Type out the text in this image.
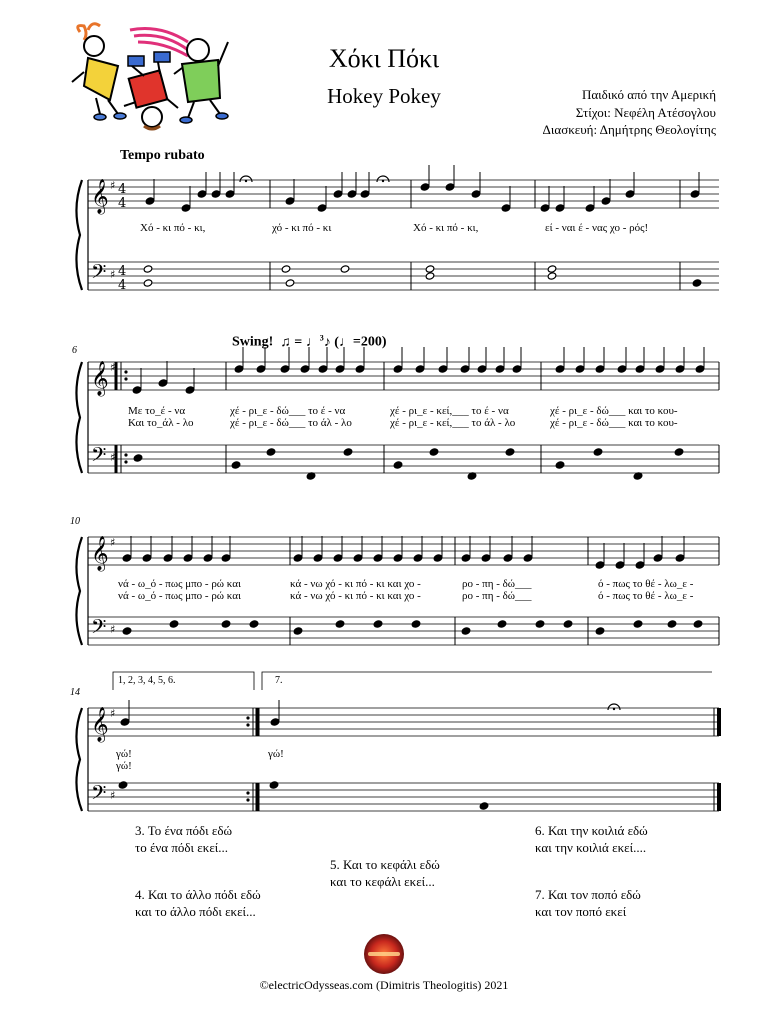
Χόκι Πόκι
Hokey Pokey	Παιδικό από την Αμερική
Στίχοι: Νεφέλη Ατέσογλου
Διασκευή: Δημήτρης Θεολογίτης
𝄞
𝄢
♯
♯
4
4
4
4
𝄞
𝄢
♯
♯
𝄞
𝄢
♯
♯
𝄞
𝄢
♯
♯
Tempo rubato
Swing!  ♫ = ♩$^3$♪ (♩=200)
6
10
14
Χό - κι πό - κι,	χό - κι πό - κι	Χό - κι πό - κι,	εί - ναι έ - νας χο - ρός!
Με το_έ - να	χέ - ρι_ε - δώ___ το έ - να	χέ - ρι_ε - κεί,___ το έ - να	χέ - ρι_ε - δώ___ και το κου-
Και το_άλ - λο	χέ - ρι_ε - δώ___ το άλ - λο	χέ - ρι_ε - κεί,___ το άλ - λο	χέ - ρι_ε - δώ___ και το κου-
νά - ω_ό - πως μπο - ρώ και	κά - νω χό - κι πό - κι και χο -	ρο - πη - δώ___	ό - πως το θέ - λω_ε -
νά - ω_ό - πως μπο - ρώ και	κά - νω χό - κι πό - κι και χο -	ρο - πη - δώ___	ό - πως το θέ - λω_ε -
γώ!
γώ!
γώ!
1, 2, 3, 4, 5, 6.	7.
3. Το ένα πόδι εδώ
το ένα πόδι εκεί...
4. Και το άλλο πόδι εδώ
και το άλλο πόδι εκεί...
5. Και το κεφάλι εδώ
και το κεφάλι εκεί...
6. Και την κοιλιά εδώ
και την κοιλιά εκεί....
7. Και τον ποπό εδώ
και τον ποπό εκεί
©electricOdysseas.com (Dimitris Theologitis) 2021
